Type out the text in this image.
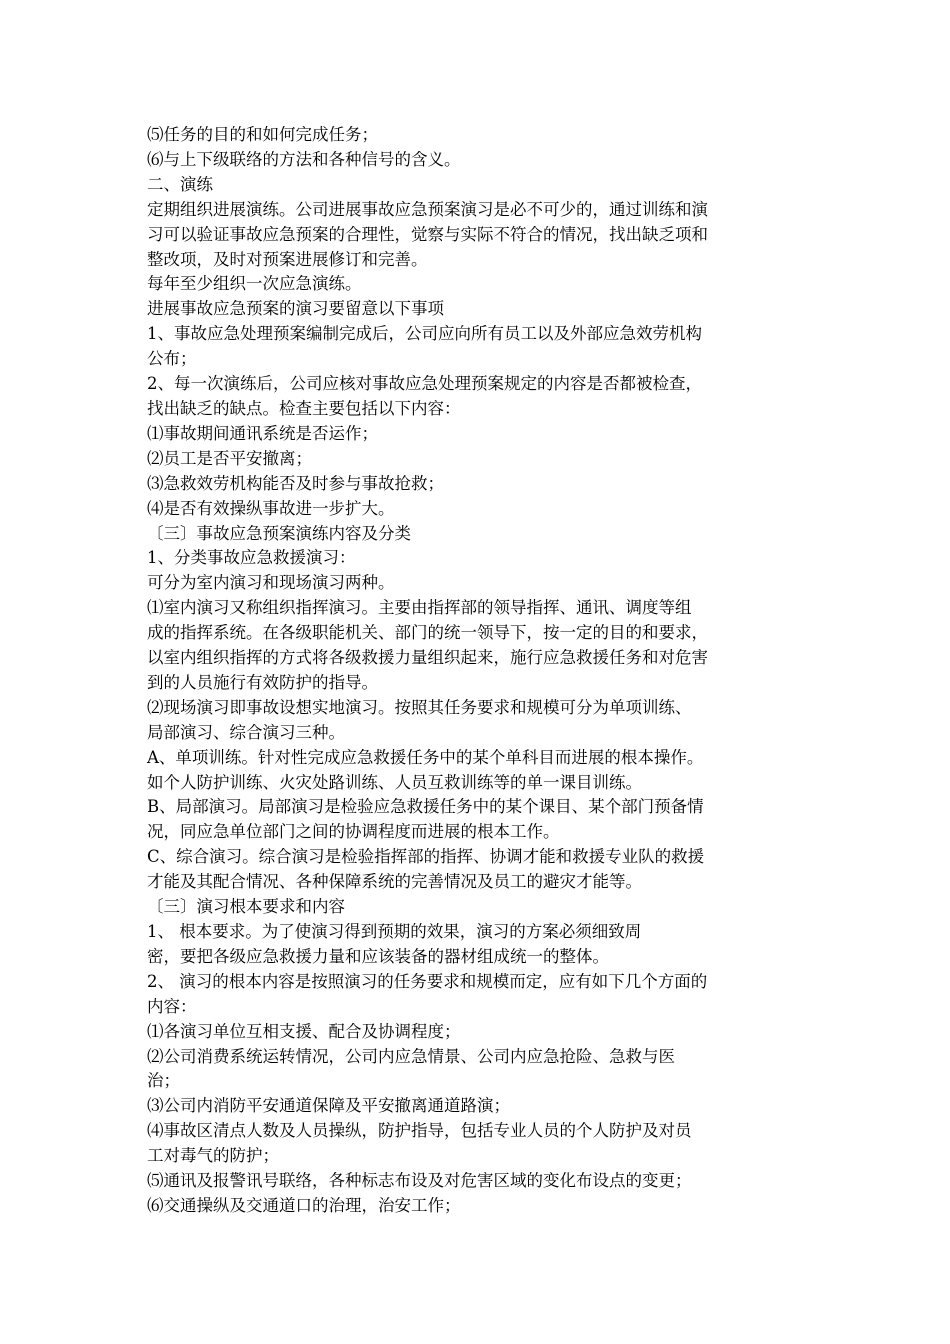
⑸任务的目的和如何完成任务；

⑹与上下级联络的方法和各种信号的含义。

二、演练

定期组织进展演练。公司进展事故应急预案演习是必不可少的，通过训练和演

习可以验证事故应急预案的合理性，觉察与实际不符合的情况，找出缺乏项和

整改项，及时对预案进展修订和完善。

每年至少组织一次应急演练。

进展事故应急预案的演习要留意以下事项

1、事故应急处理预案编制完成后，公司应向所有员工以及外部应急效劳机构

公布；

2、每一次演练后，公司应核对事故应急处理预案规定的内容是否都被检查，

找出缺乏的缺点。检查主要包括以下内容：

⑴事故期间通讯系统是否运作；

⑵员工是否平安撤离；

⑶急救效劳机构能否及时参与事故抢救；

⑷是否有效操纵事故进一步扩大。

〔三〕事故应急预案演练内容及分类

1、分类事故应急救援演习：

可分为室内演习和现场演习两种。

⑴室内演习又称组织指挥演习。主要由指挥部的领导指挥、通讯、调度等组

成的指挥系统。在各级职能机关、部门的统一领导下，按一定的目的和要求，

以室内组织指挥的方式将各级救援力量组织起来，施行应急救援任务和对危害

到的人员施行有效防护的指导。

⑵现场演习即事故设想实地演习。按照其任务要求和规模可分为单项训练、

局部演习、综合演习三种。

A、单项训练。针对性完成应急救援任务中的某个单科目而进展的根本操作。

如个人防护训练、火灾处路训练、人员互救训练等的单一课目训练。

B、局部演习。局部演习是检验应急救援任务中的某个课目、某个部门预备情

况，同应急单位部门之间的协调程度而进展的根本工作。

C、综合演习。综合演习是检验指挥部的指挥、协调才能和救援专业队的救援

才能及其配合情况、各种保障系统的完善情况及员工的避灾才能等。

〔三〕演习根本要求和内容

1、 根本要求。为了使演习得到预期的效果，演习的方案必须细致周

密，要把各级应急救援力量和应该装备的器材组成统一的整体。

2、 演习的根本内容是按照演习的任务要求和规模而定，应有如下几个方面的

内容：

⑴各演习单位互相支援、配合及协调程度；

⑵公司消费系统运转情况，公司内应急情景、公司内应急抢险、急救与医

治；

⑶公司内消防平安通道保障及平安撤离通道路演；

⑷事故区清点人数及人员操纵，防护指导，包括专业人员的个人防护及对员

工对毒气的防护；

⑸通讯及报警讯号联络，各种标志布设及对危害区域的变化布设点的变更；

⑹交通操纵及交通道口的治理，治安工作；
